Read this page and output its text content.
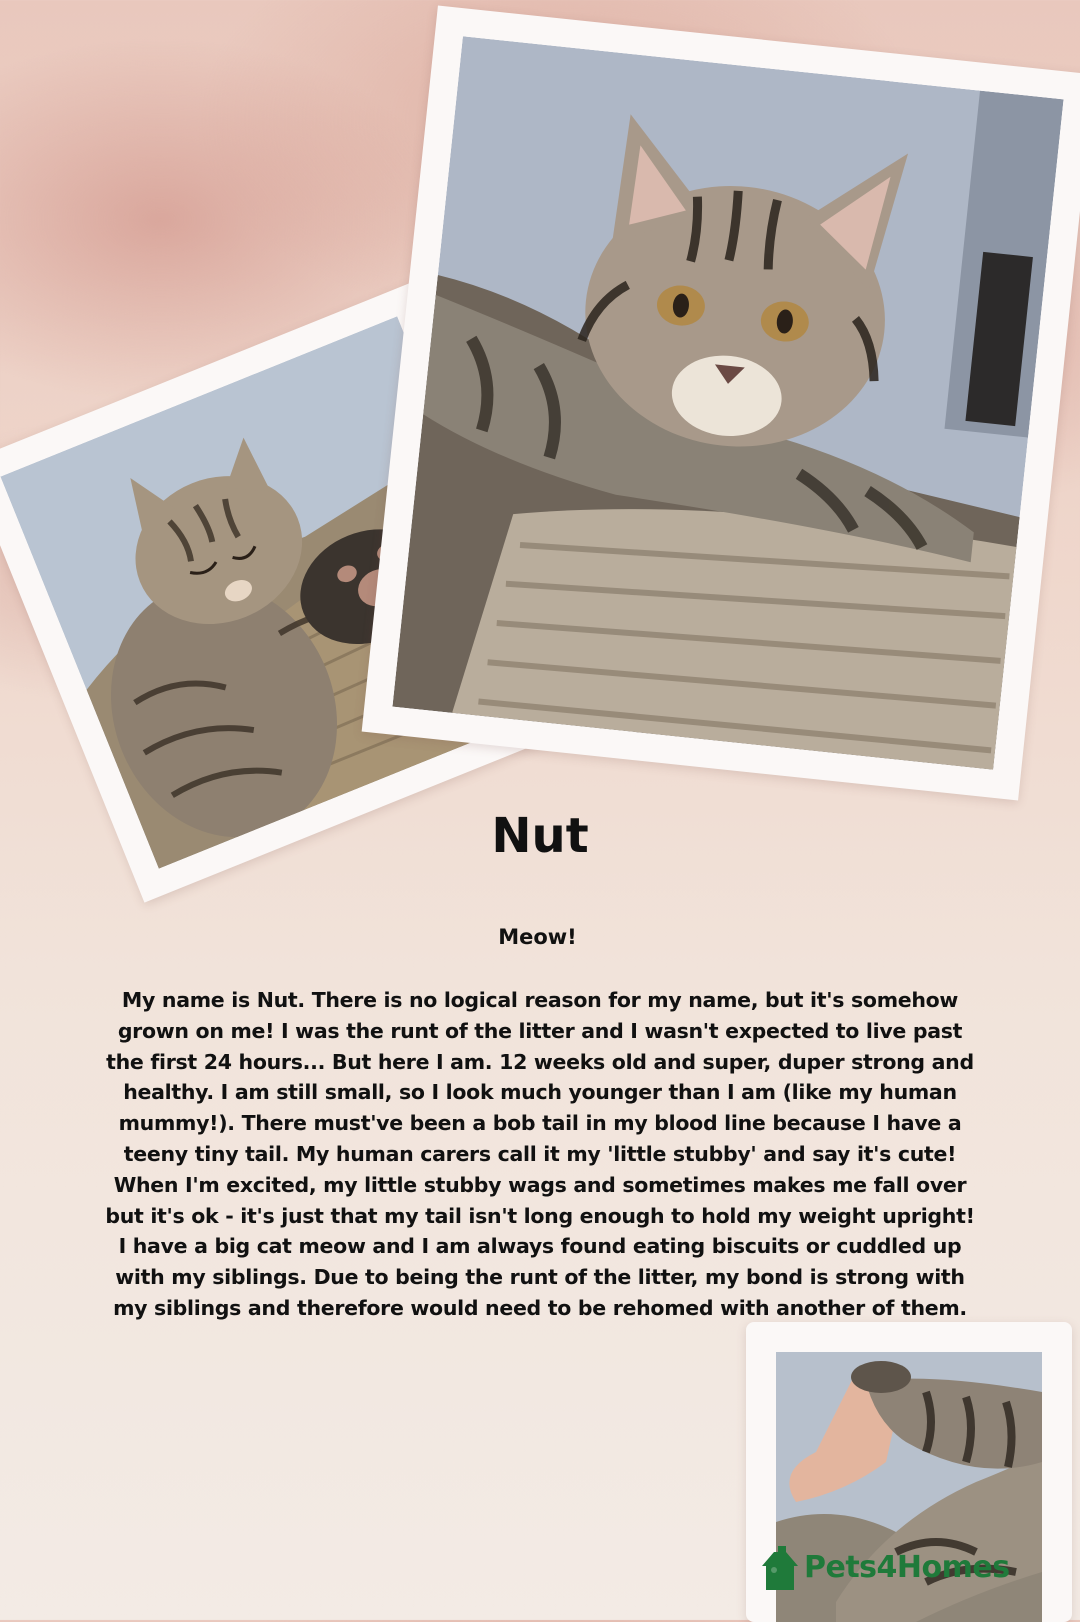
Nut
Meow!
My name is Nut. There is no logical reason for my name, but it's somehow grown on me! I was the runt of the litter and I wasn't expected to live past the first 24 hours... But here I am. 12 weeks old and super, duper strong and healthy. I am still small, so I look much younger than I am (like my human mummy!). There must've been a bob tail in my blood line because I have a teeny tiny tail. My human carers call it my 'little stubby' and say it's cute! When I'm excited, my little stubby wags and sometimes makes me fall over but it's ok - it's just that my tail isn't long enough to hold my weight upright! I have a big cat meow and I am always found eating biscuits or cuddled up with my siblings. Due to being the runt of the litter, my bond is strong with my siblings and therefore would need to be rehomed with another of them.
Pets4Homes
